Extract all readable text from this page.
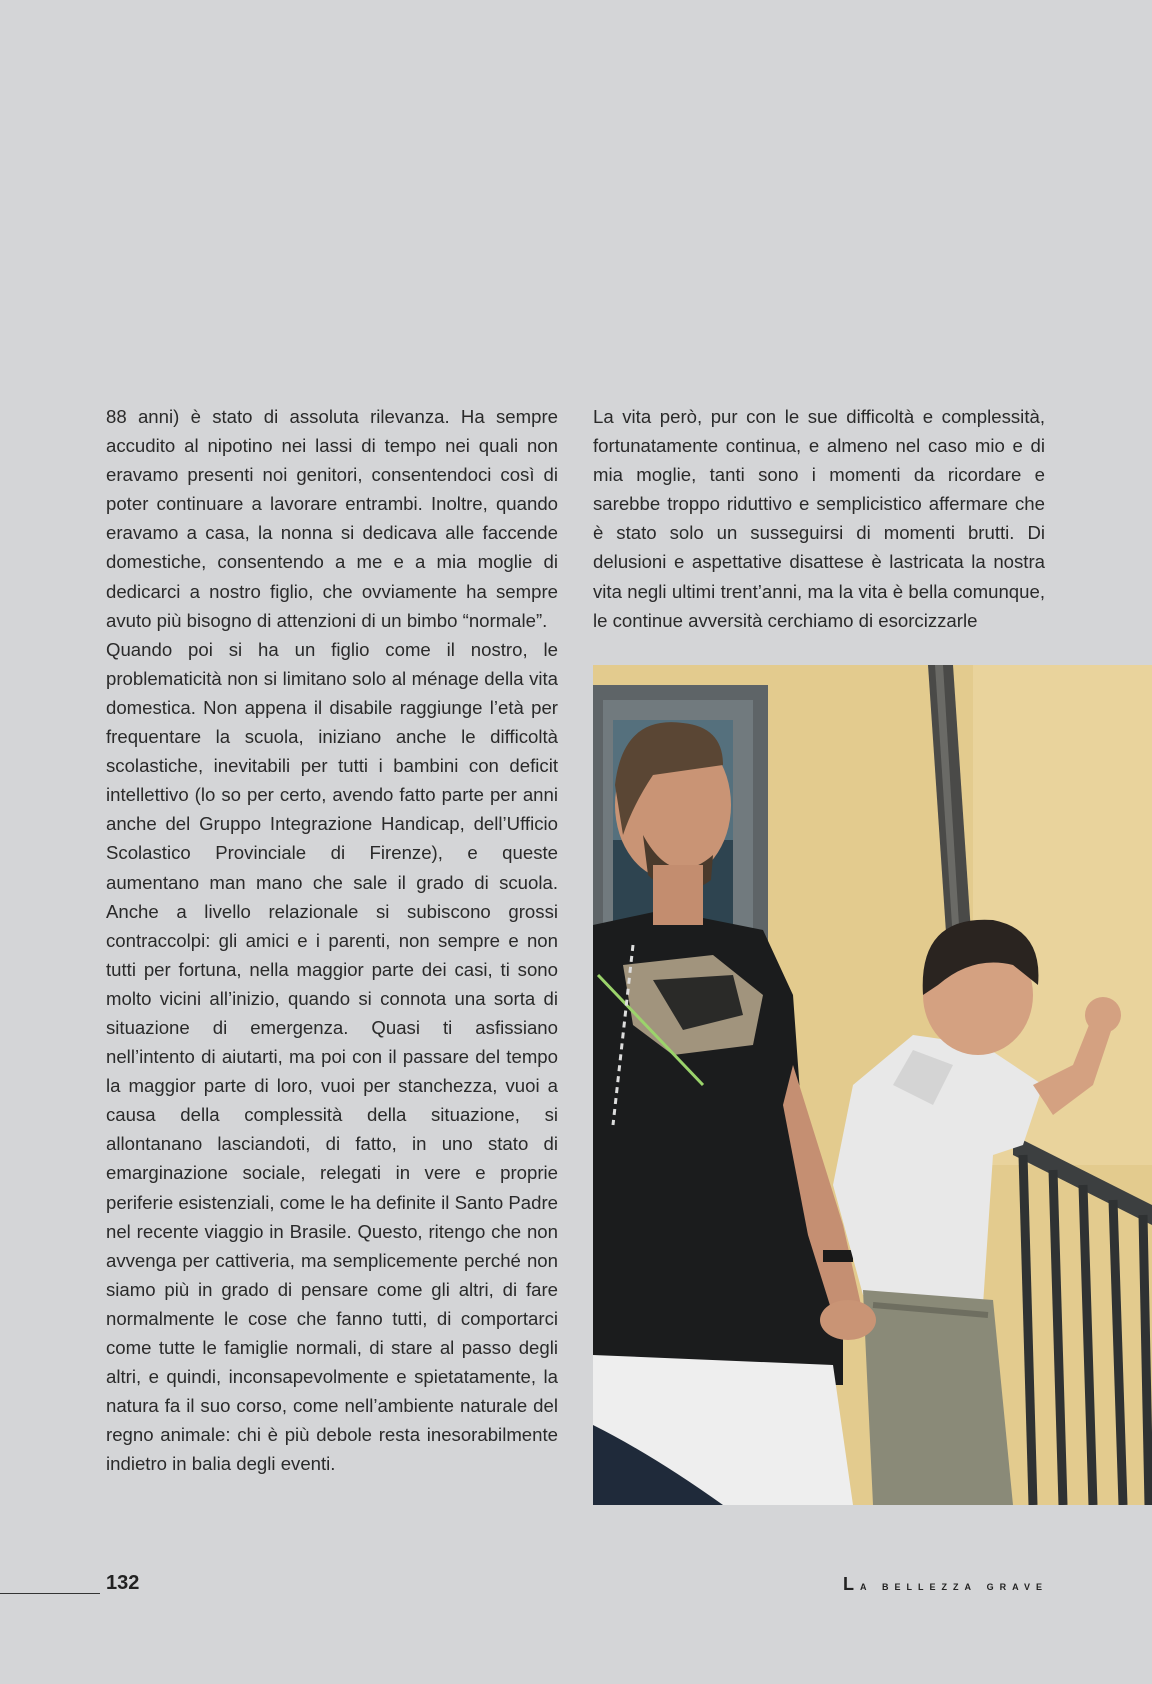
88 anni) è stato di assoluta rilevanza. Ha sempre accudito al nipotino nei lassi di tempo nei quali non eravamo presenti noi genitori, consentendoci così di poter continuare a lavorare entrambi. Inoltre, quando eravamo a casa, la nonna si dedicava alle faccende domestiche, consentendo a me e a mia moglie di dedicarci a nostro figlio, che ovviamente ha sempre avuto più bisogno di attenzioni di un bimbo “normale”.

Quando poi si ha un figlio come il nostro, le problematicità non si limitano solo al ménage della vita domestica. Non appena il disabile raggiunge l’età per frequentare la scuola, iniziano anche le difficoltà scolastiche, inevitabili per tutti i bambini con deficit intellettivo (lo so per certo, avendo fatto parte per anni anche del Gruppo Integrazione Handicap, dell’Ufficio Scolastico Provinciale di Firenze), e queste aumentano man mano che sale il grado di scuola. Anche a livello relazionale si subiscono grossi contraccolpi: gli amici e i parenti, non sempre e non tutti per fortuna, nella maggior parte dei casi, ti sono molto vicini all’inizio, quando si connota una sorta di situazione di emergenza. Quasi ti asfissiano nell’intento di aiutarti, ma poi con il passare del tempo la maggior parte di loro, vuoi per stanchezza, vuoi a causa della complessità della situazione, si allontanano lasciandoti, di fatto, in uno stato di emarginazione sociale, relegati in vere e proprie periferie esistenziali, come le ha definite il Santo Padre nel recente viaggio in Brasile. Questo, ritengo che non avvenga per cattiveria, ma semplicemente perché non siamo più in grado di pensare come gli altri, di fare normalmente le cose che fanno tutti, di comportarci come tutte le famiglie normali, di stare al passo degli altri, e quindi, inconsapevolmente e spietatamente, la natura fa il suo corso, come nell’ambiente naturale del regno animale: chi è più debole resta inesorabilmente indietro in balia degli eventi.

La vita però, pur con le sue difficoltà e complessità, fortunatamente continua, e almeno nel caso mio e di mia moglie, tanti sono i momenti da ricordare e sarebbe troppo riduttivo e semplicistico affermare che è stato solo un susseguirsi di momenti brutti. Di delusioni e aspettative disattese è lastricata la nostra vita negli ultimi trent’anni, ma la vita è bella comunque, le continue avversità cerchiamo di esorcizzarle

132	La bellezza grave
